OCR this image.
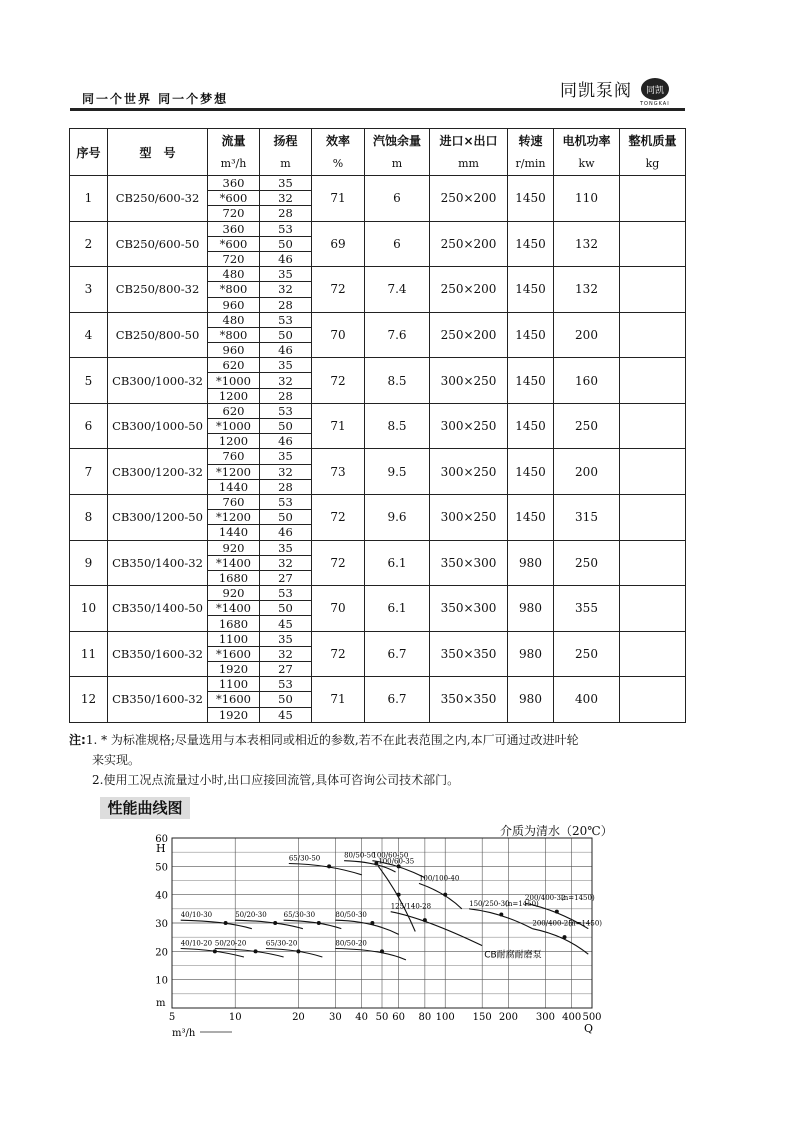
同一个世界 同一个梦想	同凯泵阀	同凯
TONGKAI
序号	型　号	流量	扬程	效率	汽蚀余量	进口×出口	转速	电机功率	整机质量
		m³/h	m	%	m	mm	r/min	kw	kg
1	CB250/600-32	360	35	71	6	250×200	1450	110	
		*600	32						
		720	28						
2	CB250/600-50	360	53	69	6	250×200	1450	132	
		*600	50						
		720	46						
3	CB250/800-32	480	35	72	7.4	250×200	1450	132	
		*800	32						
		960	28						
4	CB250/800-50	480	53	70	7.6	250×200	1450	200	
		*800	50						
		960	46						
5	CB300/1000-32	620	35	72	8.5	300×250	1450	160	
		*1000	32						
		1200	28						
6	CB300/1000-50	620	53	71	8.5	300×250	1450	250	
		*1000	50						
		1200	46						
7	CB300/1200-32	760	35	73	9.5	300×250	1450	200	
		*1200	32						
		1440	28						
8	CB300/1200-50	760	53	72	9.6	300×250	1450	315	
		*1200	50						
		1440	46						
9	CB350/1400-32	920	35	72	6.1	350×300	980	250	
		*1400	32						
		1680	27						
10	CB350/1400-50	920	53	70	6.1	350×300	980	355	
		*1400	50						
		1680	45						
11	CB350/1600-32	1100	35	72	6.7	350×350	980	250	
		*1600	32						
		1920	27						
12	CB350/1600-32	1100	53	71	6.7	350×350	980	400	
		*1600	50						
		1920	45						
注:1. * 为标准规格;尽量选用与本表相同或相近的参数,若不在此表范围之内,本厂可通过改进叶轮
来实现。
2.使用工况点流量过小时,出口应接回流管,具体可咨询公司技术部门。
性能曲线图
介质为清水（20℃）
5	10	20 30 40 50 60 80 100 150 200 300 400 500
10
20
30
40
50
60
H
m
Q
m³/h
40/10-20 50/20-20	65/30-20	80/50-20
40/10-30	50/20-30 65/30-30	80/50-30
65/30-50	80/50-50
100/60-50
100/60-35
100/100-40
125/140-28	150/250-30
200/400-32
200/400-25
(n=1450)
(n=1450)
(n=1450)
CB耐腐耐磨泵
